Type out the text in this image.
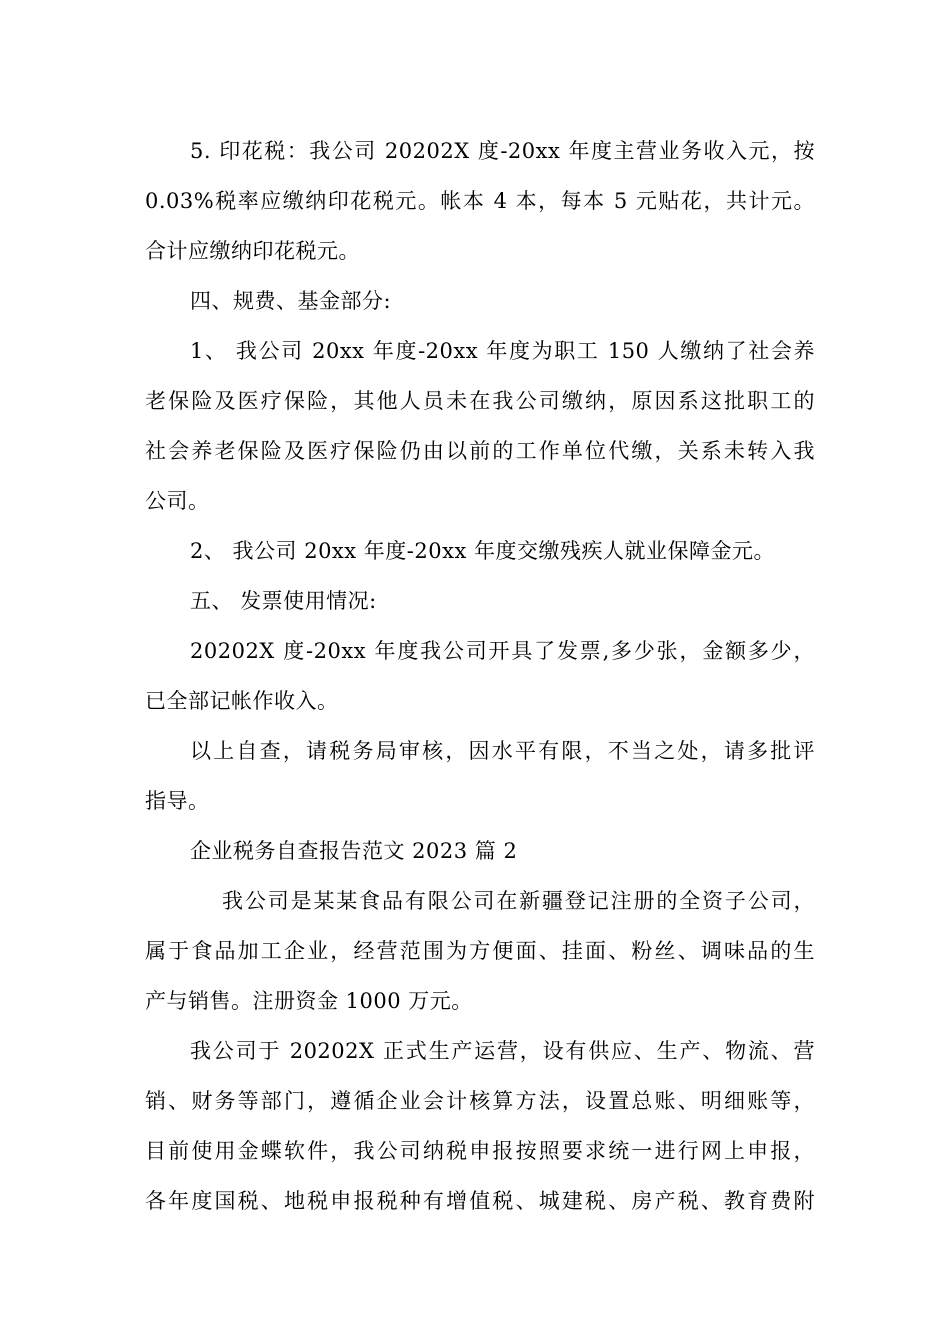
5. 印花税：我公司 20202X 度-20xx 年度主营业务收入元，按
0.03%税率应缴纳印花税元。帐本 4 本，每本 5 元贴花，共计元。
合计应缴纳印花税元。
四、规费、基金部分:
1、 我公司 20xx 年度-20xx 年度为职工 150 人缴纳了社会养
老保险及医疗保险，其他人员未在我公司缴纳，原因系这批职工的
社会养老保险及医疗保险仍由以前的工作单位代缴，关系未转入我
公司。
2、 我公司 20xx 年度-20xx 年度交缴残疾人就业保障金元。
五、 发票使用情况:
20202X 度-20xx 年度我公司开具了发票,多少张，金额多少，
已全部记帐作收入。
以上自查，请税务局审核，因水平有限，不当之处，请多批评
指导。
企业税务自查报告范文 2023 篇 2
我公司是某某食品有限公司在新疆登记注册的全资子公司，
属于食品加工企业，经营范围为方便面、挂面、粉丝、调味品的生
产与销售。注册资金 1000 万元。
我公司于 20202X 正式生产运营，设有供应、生产、物流、营
销、财务等部门，遵循企业会计核算方法，设置总账、明细账等，
目前使用金蝶软件，我公司纳税申报按照要求统一进行网上申报，
各年度国税、地税申报税种有增值税、城建税、房产税、教育费附
